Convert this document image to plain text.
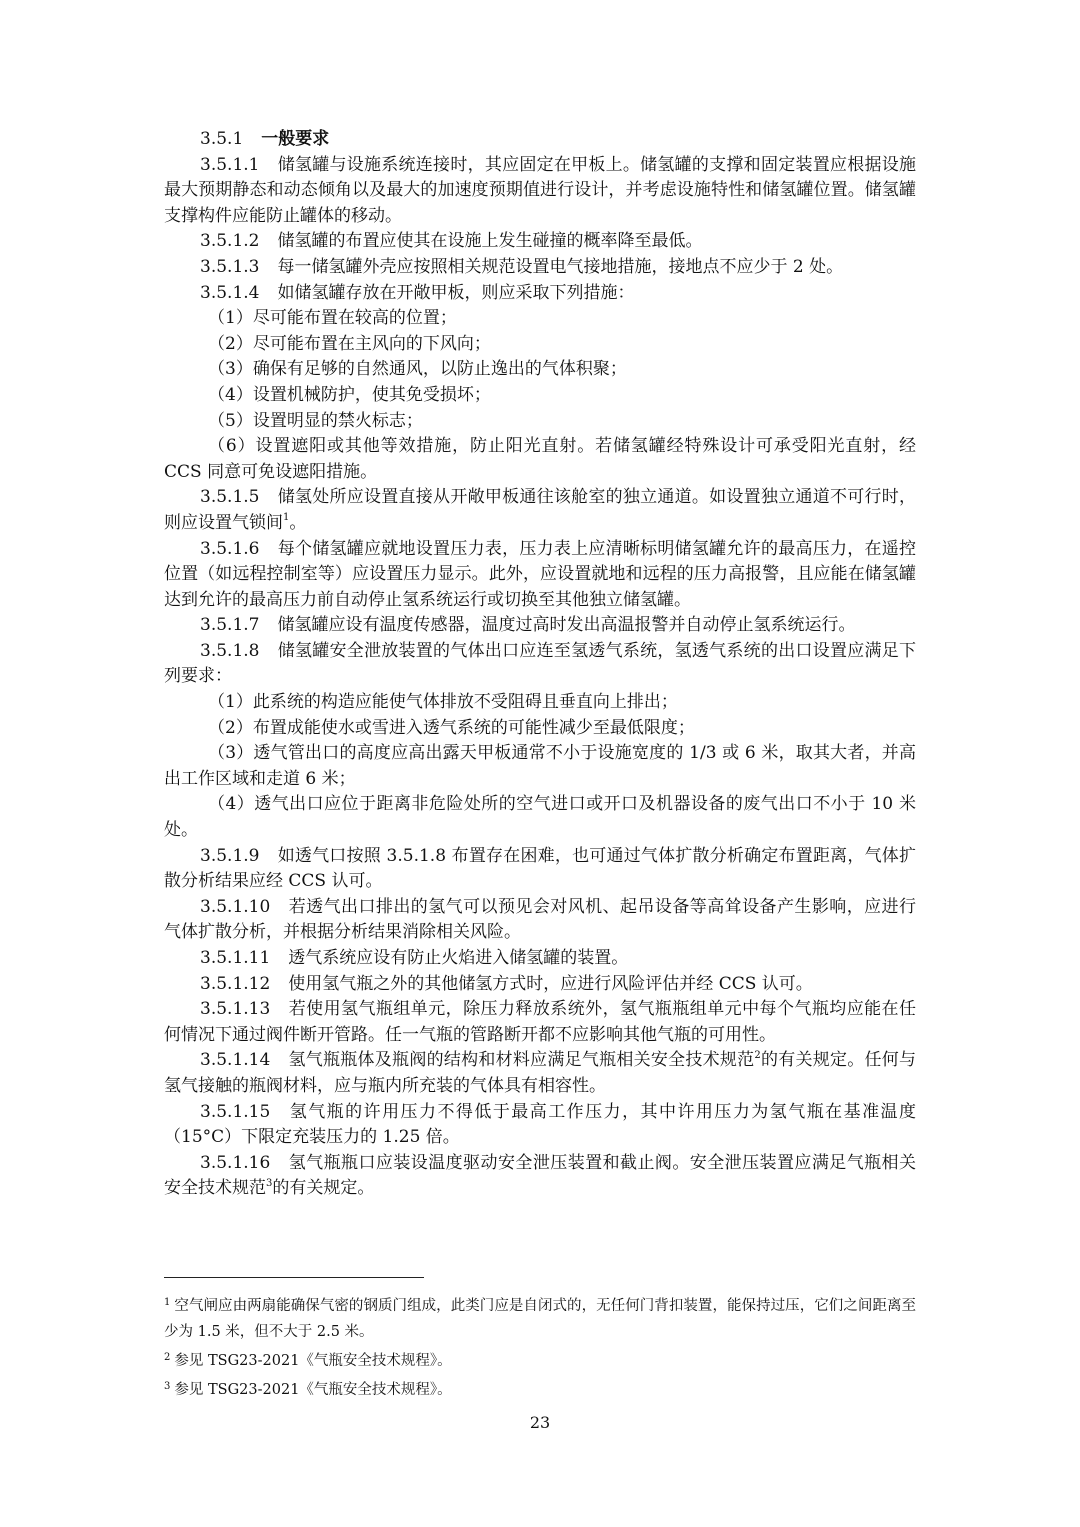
3.5.1 一般要求

3.5.1.1 储氢罐与设施系统连接时，其应固定在甲板上。储氢罐的支撑和固定装置应根据设施最大预期静态和动态倾角以及最大的加速度预期值进行设计，并考虑设施特性和储氢罐位置。储氢罐支撑构件应能防止罐体的移动。

3.5.1.2 储氢罐的布置应使其在设施上发生碰撞的概率降至最低。

3.5.1.3 每一储氢罐外壳应按照相关规范设置电气接地措施，接地点不应少于 2 处。

3.5.1.4 如储氢罐存放在开敞甲板，则应采取下列措施：

（1）尽可能布置在较高的位置；

（2）尽可能布置在主风向的下风向；

（3）确保有足够的自然通风，以防止逸出的气体积聚；

（4）设置机械防护，使其免受损坏；

（5）设置明显的禁火标志；

（6）设置遮阳或其他等效措施，防止阳光直射。若储氢罐经特殊设计可承受阳光直射，经 CCS 同意可免设遮阳措施。

3.5.1.5 储氢处所应设置直接从开敞甲板通往该舱室的独立通道。如设置独立通道不可行时，则应设置气锁间$^1$。

3.5.1.6 每个储氢罐应就地设置压力表，压力表上应清晰标明储氢罐允许的最高压力，在遥控位置（如远程控制室等）应设置压力显示。此外，应设置就地和远程的压力高报警，且应能在储氢罐达到允许的最高压力前自动停止氢系统运行或切换至其他独立储氢罐。

3.5.1.7 储氢罐应设有温度传感器，温度过高时发出高温报警并自动停止氢系统运行。

3.5.1.8 储氢罐安全泄放装置的气体出口应连至氢透气系统，氢透气系统的出口设置应满足下列要求：

（1）此系统的构造应能使气体排放不受阻碍且垂直向上排出；

（2）布置成能使水或雪进入透气系统的可能性减少至最低限度；

（3）透气管出口的高度应高出露天甲板通常不小于设施宽度的 1/3 或 6 米，取其大者，并高出工作区域和走道 6 米；

（4）透气出口应位于距离非危险处所的空气进口或开口及机器设备的废气出口不小于 10 米处。

3.5.1.9 如透气口按照 3.5.1.8 布置存在困难，也可通过气体扩散分析确定布置距离，气体扩散分析结果应经 CCS 认可。

3.5.1.10 若透气出口排出的氢气可以预见会对风机、起吊设备等高耸设备产生影响，应进行气体扩散分析，并根据分析结果消除相关风险。

3.5.1.11 透气系统应设有防止火焰进入储氢罐的装置。

3.5.1.12 使用氢气瓶之外的其他储氢方式时，应进行风险评估并经 CCS 认可。

3.5.1.13 若使用氢气瓶组单元，除压力释放系统外，氢气瓶瓶组单元中每个气瓶均应能在任何情况下通过阀件断开管路。任一气瓶的管路断开都不应影响其他气瓶的可用性。

3.5.1.14 氢气瓶瓶体及瓶阀的结构和材料应满足气瓶相关安全技术规范$^2$的有关规定。任何与氢气接触的瓶阀材料，应与瓶内所充装的气体具有相容性。

3.5.1.15 氢气瓶的许用压力不得低于最高工作压力，其中许用压力为氢气瓶在基准温度（15°C）下限定充装压力的 1.25 倍。

3.5.1.16 氢气瓶瓶口应装设温度驱动安全泄压装置和截止阀。安全泄压装置应满足气瓶相关安全技术规范$^3$的有关规定。

$^1$ 空气闸应由两扇能确保气密的钢质门组成，此类门应是自闭式的，无任何门背扣装置，能保持过压，它们之间距离至少为 1.5 米，但不大于 2.5 米。

$^2$ 参见 TSG23-2021《气瓶安全技术规程》。

$^3$ 参见 TSG23-2021《气瓶安全技术规程》。

23
